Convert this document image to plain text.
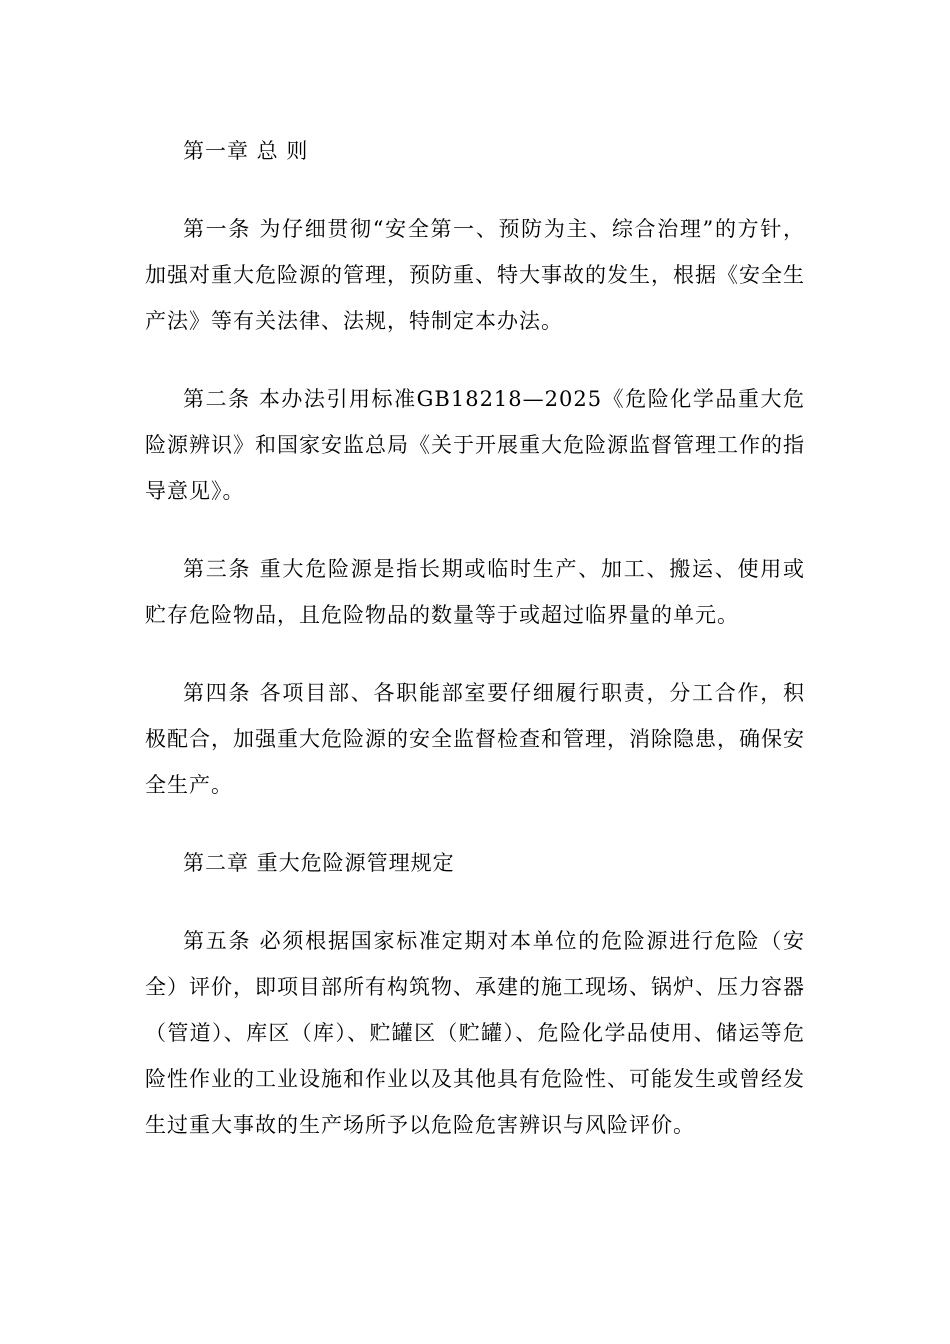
第一章 总 则

第一条 为仔细贯彻“安全第一、预防为主、综合治理”的方针，加强对重大危险源的管理，预防重、特大事故的发生，根据《安全生产法》等有关法律、法规，特制定本办法。

第二条 本办法引用标准GB18218—2025《危险化学品重大危险源辨识》和国家安监总局《关于开展重大危险源监督管理工作的指导意见》。

第三条 重大危险源是指长期或临时生产、加工、搬运、使用或贮存危险物品，且危险物品的数量等于或超过临界量的单元。

第四条 各项目部、各职能部室要仔细履行职责，分工合作，积极配合，加强重大危险源的安全监督检查和管理，消除隐患，确保安全生产。

第二章 重大危险源管理规定

第五条 必须根据国家标准定期对本单位的危险源进行危险（安全）评价，即项目部所有构筑物、承建的施工现场、锅炉、压力容器（管道）、库区（库）、贮罐区（贮罐）、危险化学品使用、储运等危险性作业的工业设施和作业以及其他具有危险性、可能发生或曾经发生过重大事故的生产场所予以危险危害辨识与风险评价。
